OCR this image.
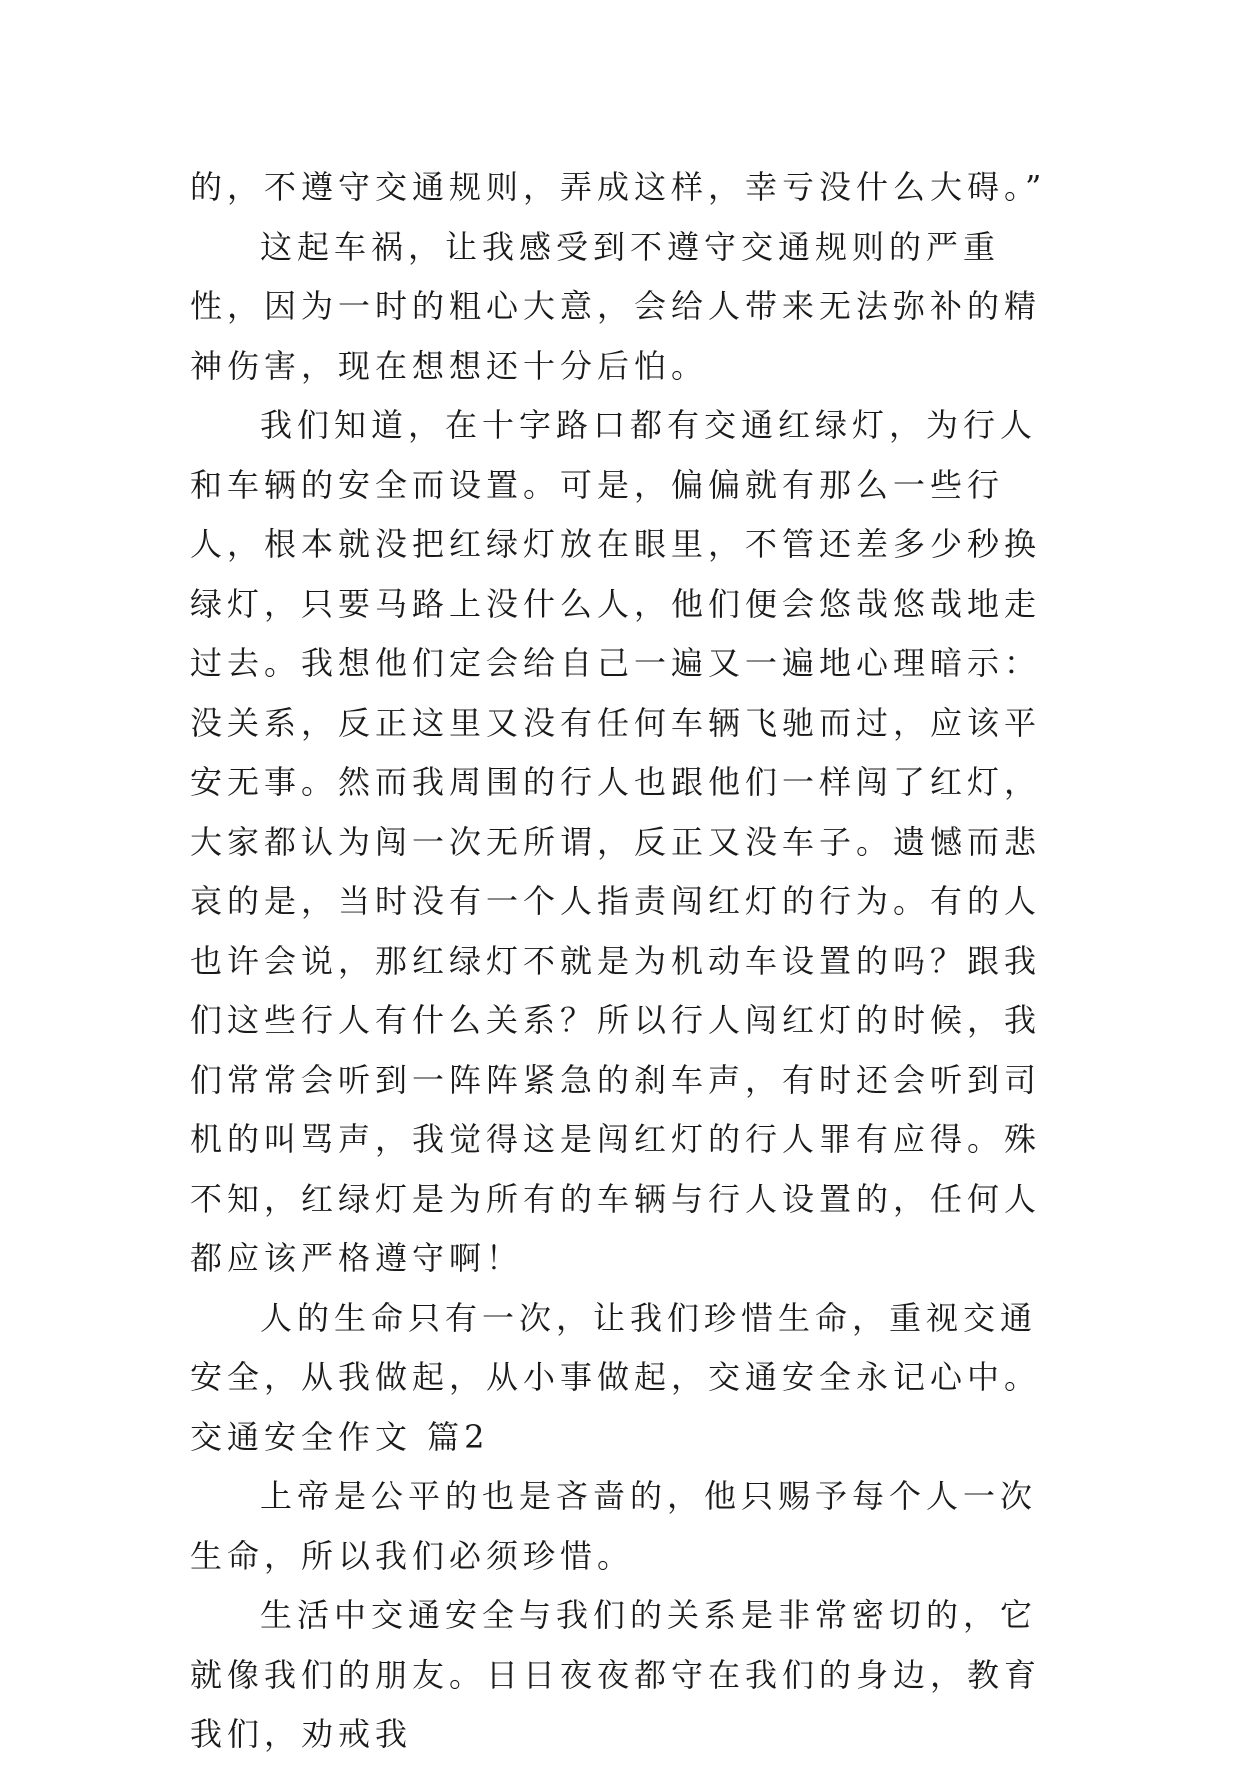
的，不遵守交通规则，弄成这样，幸亏没什么大碍。”

这起车祸，让我感受到不遵守交通规则的严重性，因为一时的粗心大意，会给人带来无法弥补的精神伤害，现在想想还十分后怕。

我们知道，在十字路口都有交通红绿灯，为行人和车辆的安全而设置。可是，偏偏就有那么一些行人，根本就没把红绿灯放在眼里，不管还差多少秒换绿灯，只要马路上没什么人，他们便会悠哉悠哉地走过去。我想他们定会给自己一遍又一遍地心理暗示：没关系，反正这里又没有任何车辆飞驰而过，应该平安无事。然而我周围的行人也跟他们一样闯了红灯，大家都认为闯一次无所谓，反正又没车子。遗憾而悲哀的是，当时没有一个人指责闯红灯的行为。有的人也许会说，那红绿灯不就是为机动车设置的吗？跟我们这些行人有什么关系？所以行人闯红灯的时候，我们常常会听到一阵阵紧急的刹车声，有时还会听到司机的叫骂声，我觉得这是闯红灯的行人罪有应得。殊不知，红绿灯是为所有的车辆与行人设置的，任何人都应该严格遵守啊！

人的生命只有一次，让我们珍惜生命，重视交通安全，从我做起，从小事做起，交通安全永记心中。

交通安全作文 篇2

上帝是公平的也是吝啬的，他只赐予每个人一次生命，所以我们必须珍惜。

生活中交通安全与我们的关系是非常密切的，它就像我们的朋友。日日夜夜都守在我们的身边，教育我们，劝戒我
